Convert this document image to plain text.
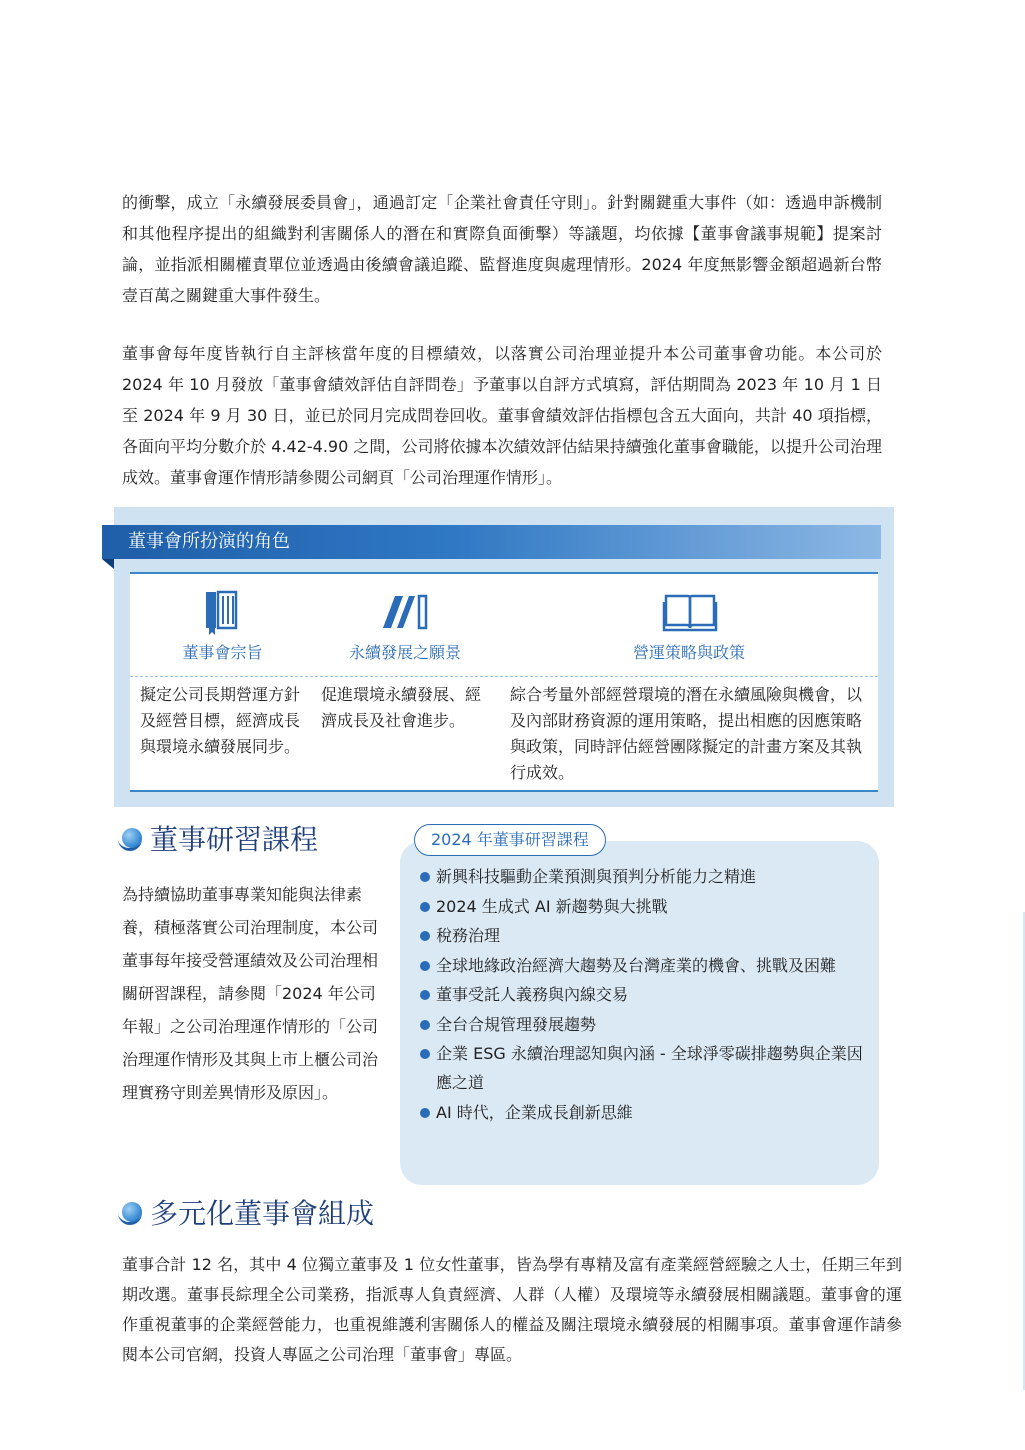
的衝擊，成立「永續發展委員會」，通過訂定「企業社會責任守則」。針對關鍵重大事件（如：透過申訴機制和其他程序提出的組織對利害關係人的潛在和實際負面衝擊）等議題，均依據【董事會議事規範】提案討論，並指派相關權責單位並透過由後續會議追蹤、監督進度與處理情形。2024 年度無影響金額超過新台幣壹百萬之關鍵重大事件發生。

董事會每年度皆執行自主評核當年度的目標績效，以落實公司治理並提升本公司董事會功能。本公司於 2024 年 10 月發放「董事會績效評估自評問卷」予董事以自評方式填寫，評估期間為 2023 年 10 月 1 日至 2024 年 9 月 30 日，並已於同月完成問卷回收。董事會績效評估指標包含五大面向，共計 40 項指標，各面向平均分數介於 4.42-4.90 之間，公司將依據本次績效評估結果持續強化董事會職能，以提升公司治理成效。董事會運作情形請參閱公司網頁「公司治理運作情形」。

董事會所扮演的角色
董事會宗旨

擬定公司長期營運方針及經營目標，經濟成長與環境永續發展同步。

永續發展之願景

促進環境永續發展、經濟成長及社會進步。

營運策略與政策

綜合考量外部經營環境的潛在永續風險與機會，以及內部財務資源的運用策略，提出相應的因應策略與政策，同時評估經營團隊擬定的計畫方案及其執行成效。

董事研習課程

為持續協助董事專業知能與法律素養，積極落實公司治理制度，本公司董事每年接受營運績效及公司治理相關研習課程，請參閱「2024 年公司年報」之公司治理運作情形的「公司治理運作情形及其與上市上櫃公司治理實務守則差異情形及原因」。

2024 年董事研習課程
新興科技驅動企業預測與預判分析能力之精進
2024 生成式 AI 新趨勢與大挑戰
稅務治理
全球地緣政治經濟大趨勢及台灣產業的機會、挑戰及困難
董事受託人義務與內線交易
全台合規管理發展趨勢
企業 ESG 永續治理認知與內涵 - 全球淨零碳排趨勢與企業因應之道
AI 時代，企業成長創新思維
多元化董事會組成

董事合計 12 名，其中 4 位獨立董事及 1 位女性董事，皆為學有專精及富有產業經營經驗之人士，任期三年到期改選。董事長綜理全公司業務，指派專人負責經濟、人群（人權）及環境等永續發展相關議題。董事會的運作重視董事的企業經營能力，也重視維護利害關係人的權益及關注環境永續發展的相關事項。董事會運作請參閱本公司官網，投資人專區之公司治理「董事會」專區。
